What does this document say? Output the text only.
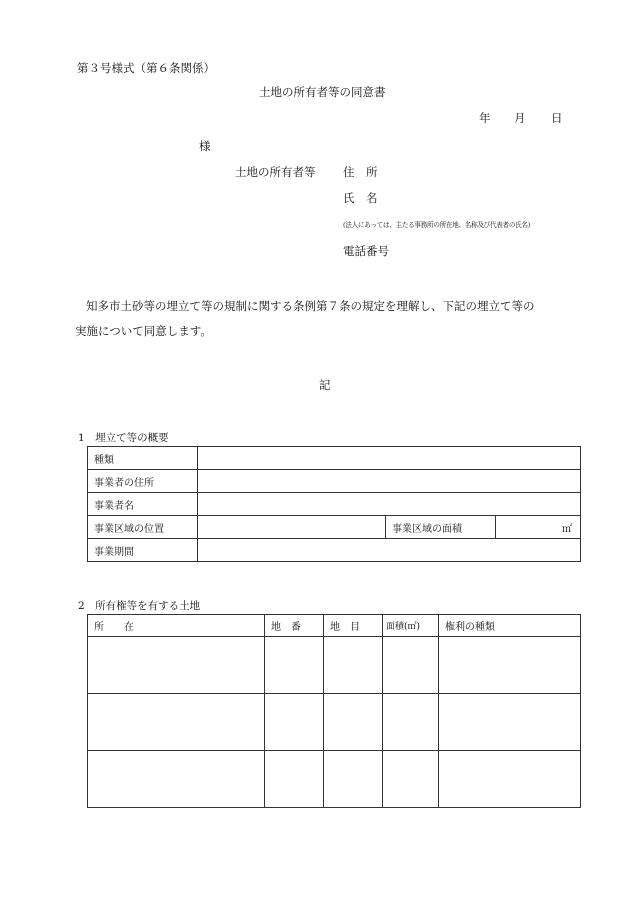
第３号様式（第６条関係）
土地の所有者等の同意書
年 月 日
様
土地の所有者等 住　所
氏　名
(法人にあっては、主たる事務所の所在地、名称及び代表者の氏名)
電話番号
知多市土砂等の埋立て等の規制に関する条例第７条の規定を理解し、下記の埋立て等の
実施について同意します。
記
1　埋立て等の概要
種類			
事業者の住所			
事業者名			
事業区域の位置		事業区域の面積	㎡
事業期間			
2　所有権等を有する土地
所　　在	地　番	地　目	面積(㎡)	権利の種類
